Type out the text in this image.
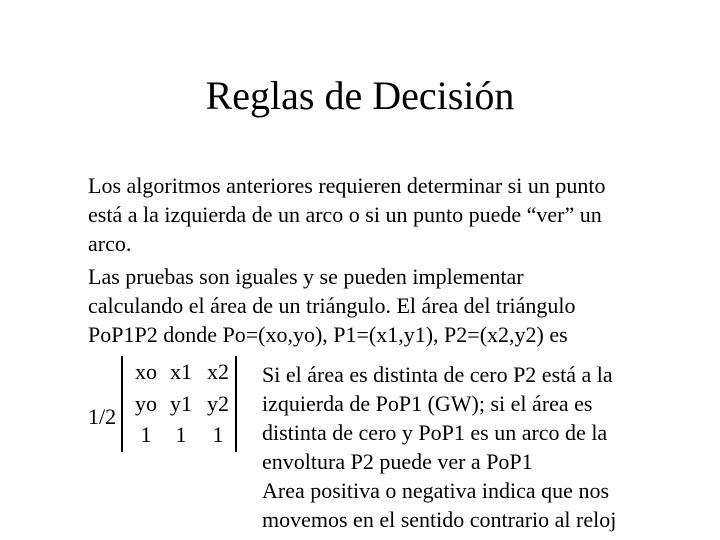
Reglas de Decisión
Los algoritmos anteriores requieren determinar si un punto
está a la izquierda de un arco o si un punto puede “ver” un
arco.
Las pruebas son iguales y se pueden implementar
calculando el área de un triángulo. El área del triángulo
PoP1P2 donde Po=(xo,yo), P1=(x1,y1), P2=(x2,y2) es
1/2
xo x1 x2
yo y1 y2
1	1	1
Si el área es distinta de cero P2 está a la
izquierda de PoP1 (GW); si el área es
distinta de cero y PoP1 es un arco de la
envoltura P2 puede ver a PoP1
Area positiva o negativa indica que nos
movemos en el sentido contrario al reloj
